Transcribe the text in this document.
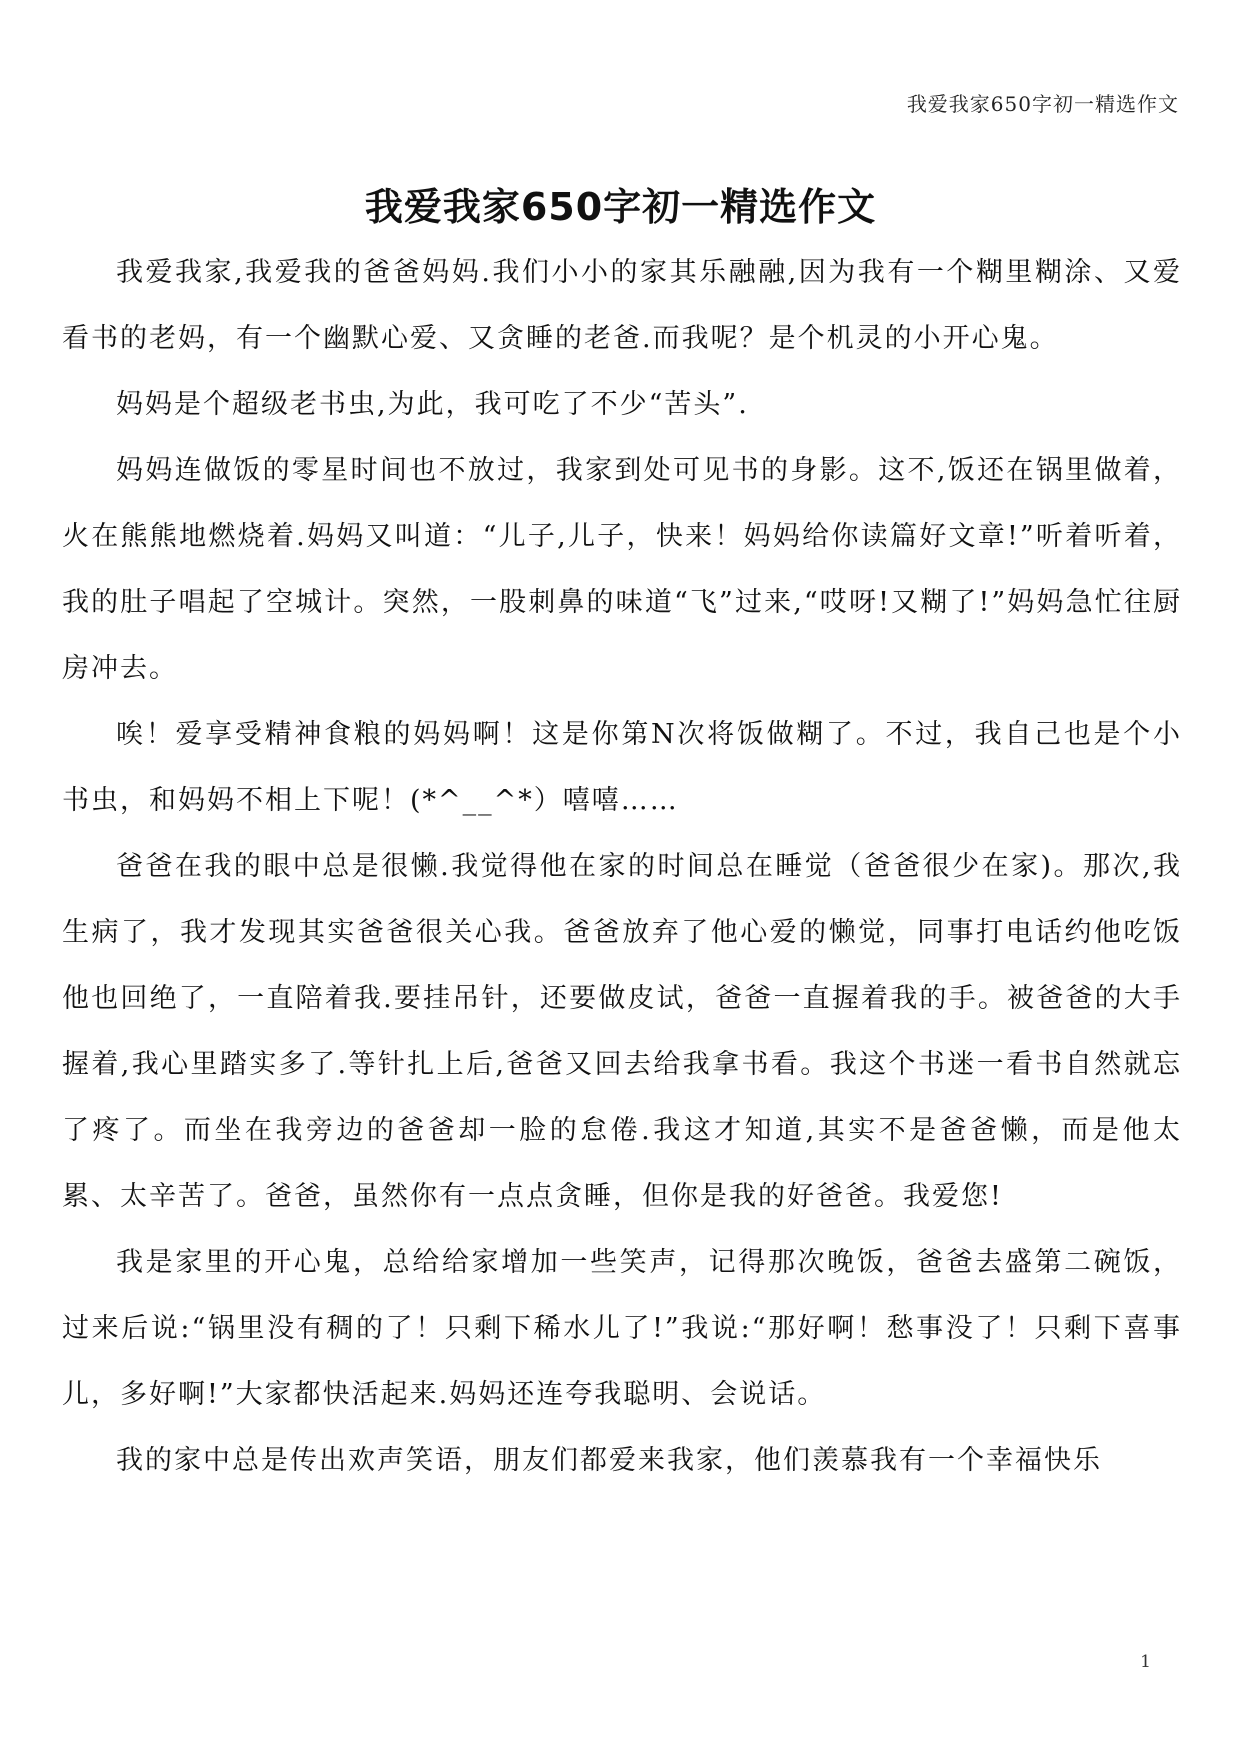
我爱我家650字初一精选作文
我爱我家650字初一精选作文

我爱我家,我爱我的爸爸妈妈.我们小小的家其乐融融,因为我有一个糊里糊涂、又爱看书的老妈，有一个幽默心爱、又贪睡的老爸.而我呢？是个机灵的小开心鬼。

妈妈是个超级老书虫,为此，我可吃了不少“苦头”.

妈妈连做饭的零星时间也不放过，我家到处可见书的身影。这不,饭还在锅里做着，火在熊熊地燃烧着.妈妈又叫道：“儿子,儿子，快来！妈妈给你读篇好文章!”听着听着，我的肚子唱起了空城计。突然，一股刺鼻的味道“飞”过来,“哎呀!又糊了!”妈妈急忙往厨房冲去。

唉！爱享受精神食粮的妈妈啊！这是你第N次将饭做糊了。不过，我自己也是个小书虫，和妈妈不相上下呢！(*^__^*）嘻嘻……

爸爸在我的眼中总是很懒.我觉得他在家的时间总在睡觉（爸爸很少在家)。那次,我生病了，我才发现其实爸爸很关心我。爸爸放弃了他心爱的懒觉，同事打电话约他吃饭他也回绝了，一直陪着我.要挂吊针，还要做皮试，爸爸一直握着我的手。被爸爸的大手握着,我心里踏实多了.等针扎上后,爸爸又回去给我拿书看。我这个书迷一看书自然就忘了疼了。而坐在我旁边的爸爸却一脸的怠倦.我这才知道,其实不是爸爸懒，而是他太累、太辛苦了。爸爸，虽然你有一点点贪睡，但你是我的好爸爸。我爱您!

我是家里的开心鬼，总给给家增加一些笑声，记得那次晚饭，爸爸去盛第二碗饭，过来后说:“锅里没有稠的了！只剩下稀水儿了!”我说:“那好啊！愁事没了！只剩下喜事儿，多好啊!”大家都快活起来.妈妈还连夸我聪明、会说话。

我的家中总是传出欢声笑语，朋友们都爱来我家，他们羡慕我有一个幸福快乐

1
